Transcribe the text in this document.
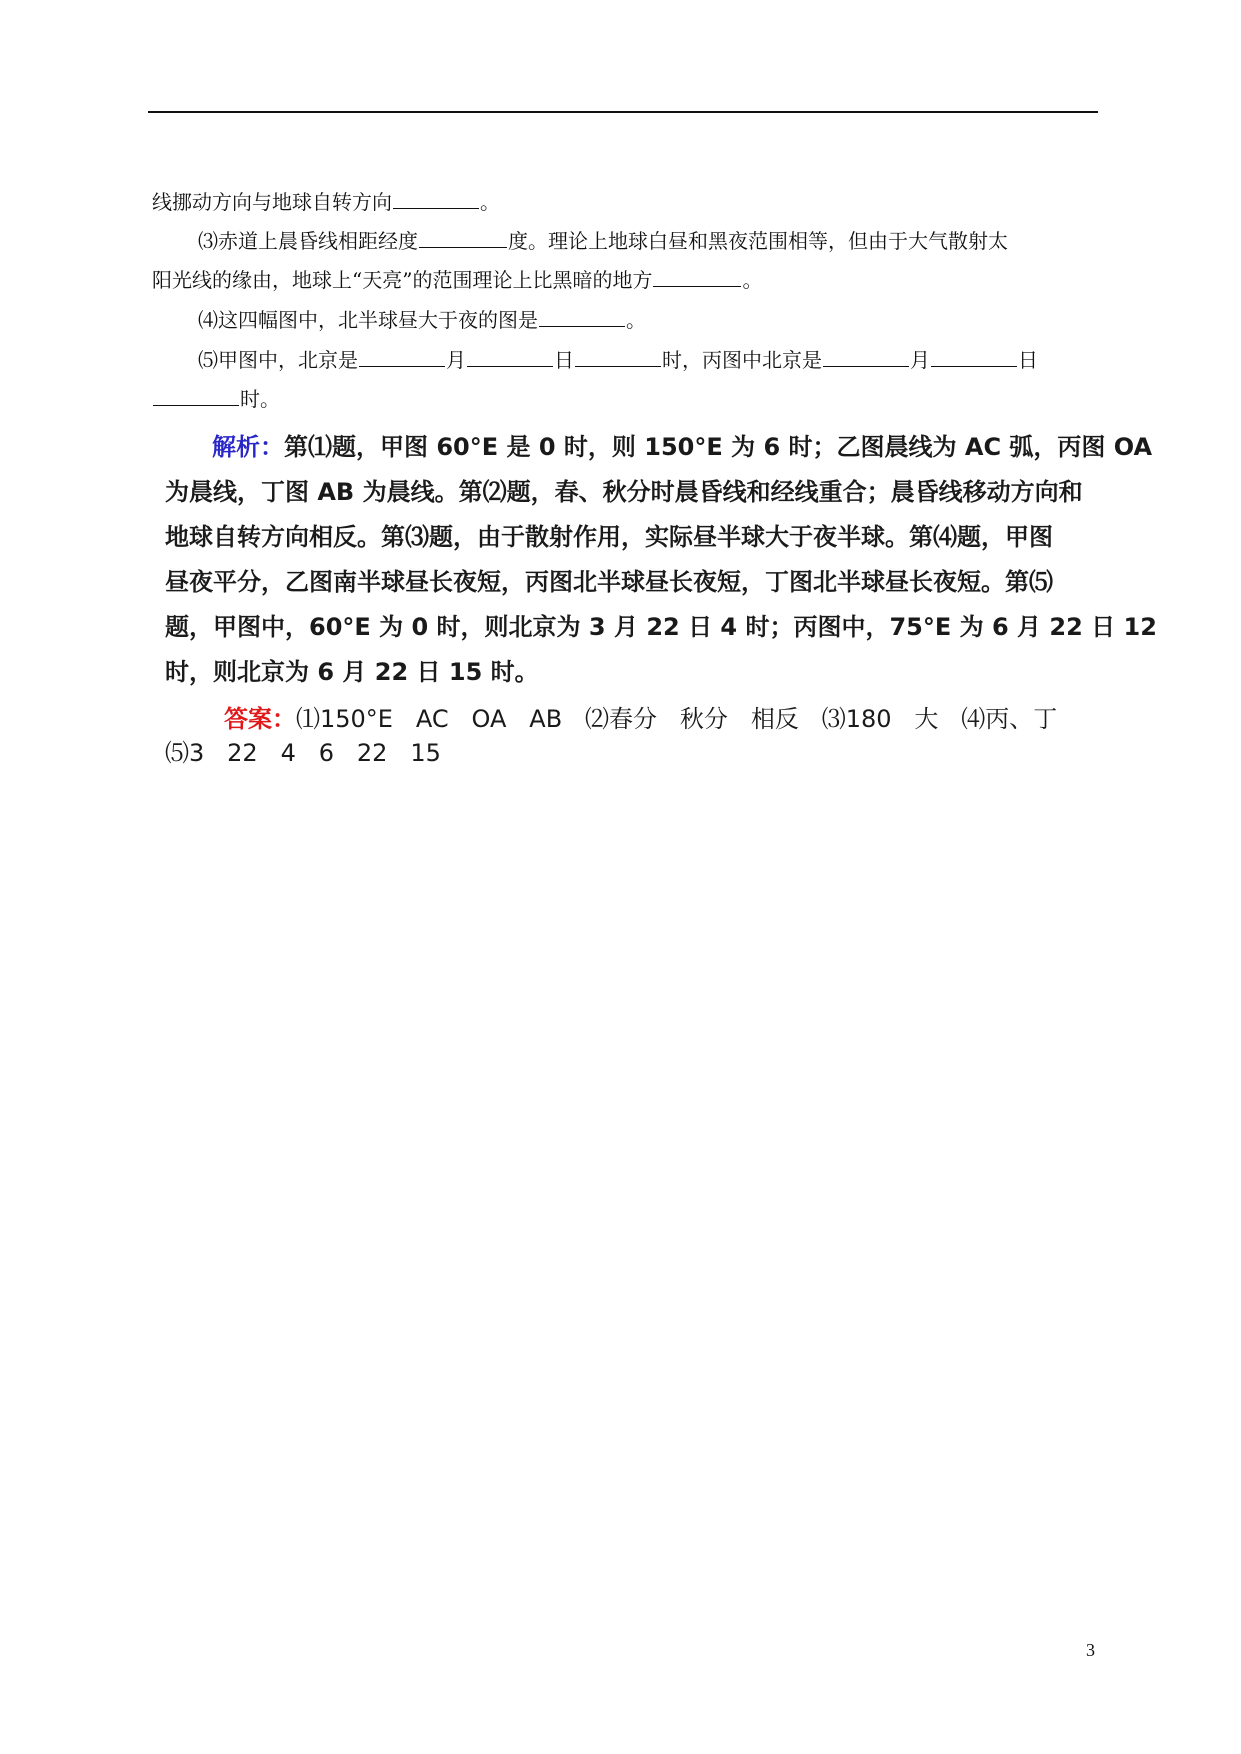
线挪动方向与地球自转方向	。
⑶赤道上晨昏线相距经度	度。理论上地球白昼和黑夜范围相等，但由于大气散射太
阳光线的缘由，地球上“天亮”的范围理论上比黑暗的地方	。
⑷这四幅图中，北半球昼大于夜的图是	。
⑸甲图中，北京是	月	日	时，丙图中北京是	月	日
时。
解析：第⑴题，甲图 60°E 是 0 时，则 150°E 为 6 时；乙图晨线为 AC 弧，丙图 OA
为晨线，丁图 AB 为晨线。第⑵题，春、秋分时晨昏线和经线重合；晨昏线移动方向和
地球自转方向相反。第⑶题，由于散射作用，实际昼半球大于夜半球。第⑷题，甲图
昼夜平分，乙图南半球昼长夜短，丙图北半球昼长夜短，丁图北半球昼长夜短。第⑸
题，甲图中，60°E 为 0 时，则北京为 3 月 22 日 4 时；丙图中，75°E 为 6 月 22 日 12
时，则北京为 6 月 22 日 15 时。
答案：⑴150°E   AC   OA   AB   ⑵春分   秋分   相反   ⑶180   大   ⑷丙、丁
⑸3   22   4   6   22   15
3
